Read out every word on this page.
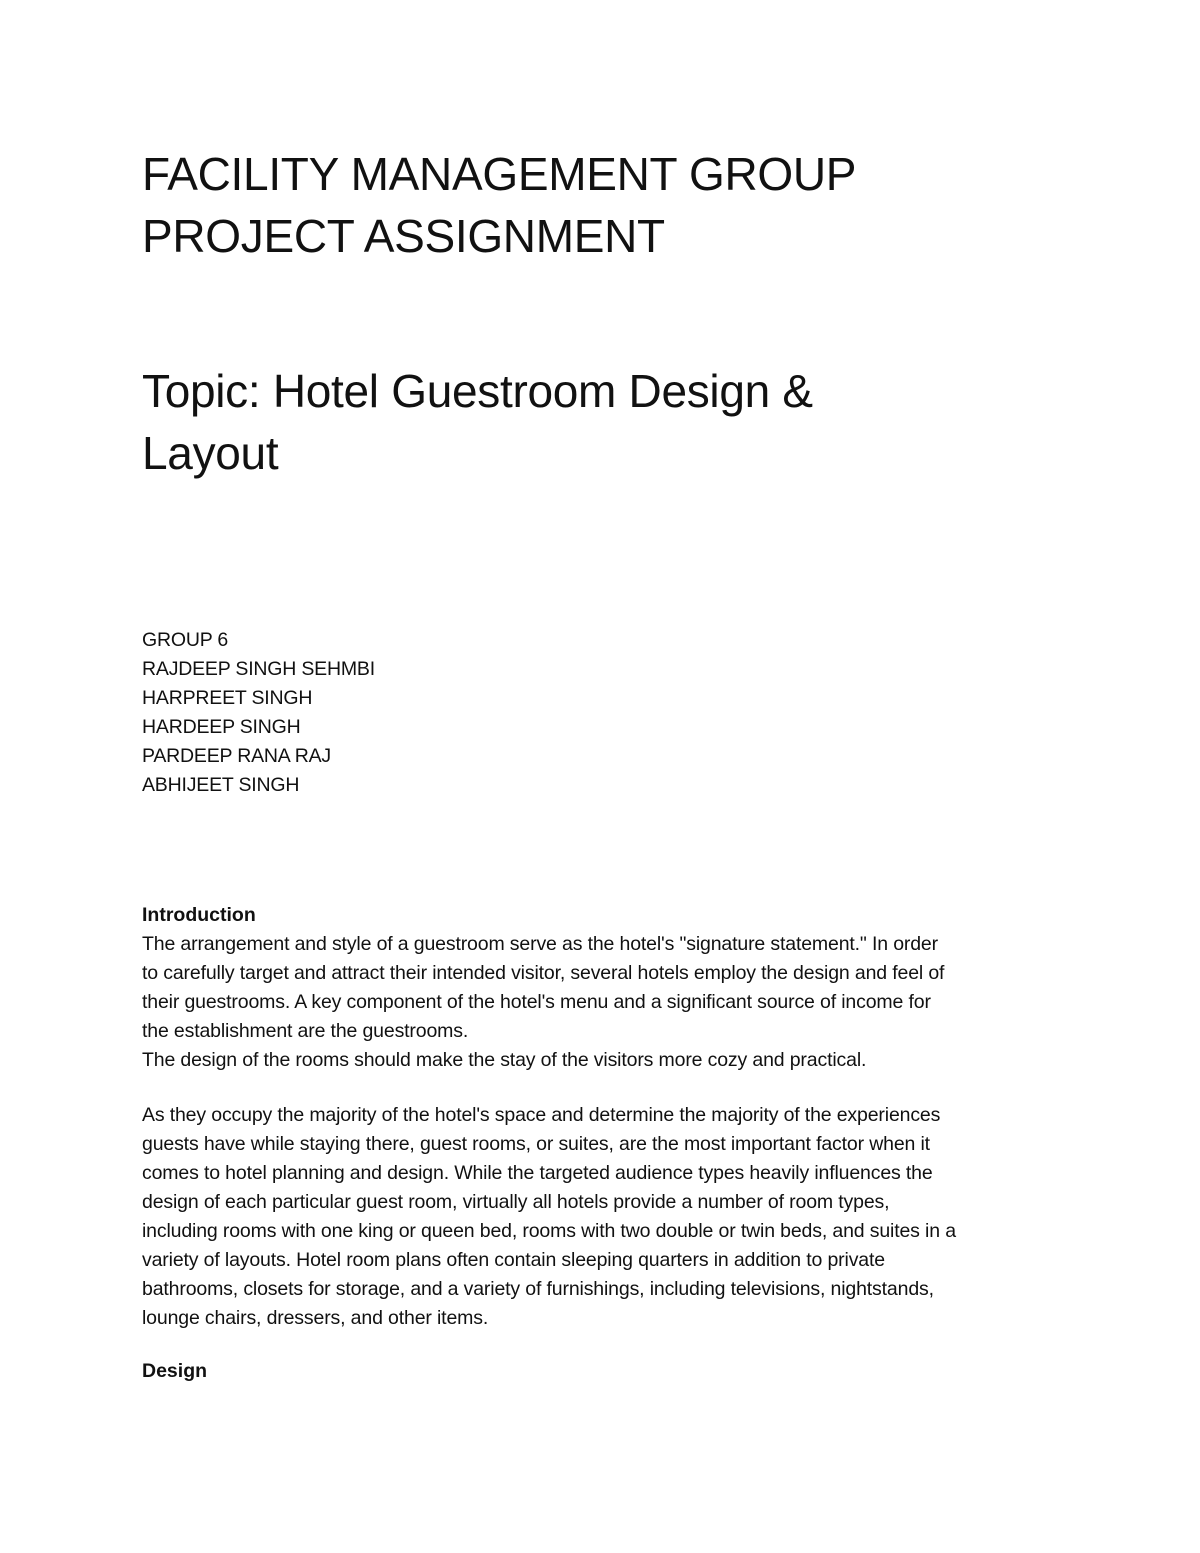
FACILITY MANAGEMENT GROUP
PROJECT ASSIGNMENT
Topic: Hotel Guestroom Design &
Layout
GROUP 6
RAJDEEP SINGH SEHMBI
HARPREET SINGH
HARDEEP SINGH
PARDEEP RANA RAJ
ABHIJEET SINGH
Introduction
The arrangement and style of a guestroom serve as the hotel's "signature statement." In order
to carefully target and attract their intended visitor, several hotels employ the design and feel of
their guestrooms. A key component of the hotel's menu and a significant source of income for
the establishment are the guestrooms.
The design of the rooms should make the stay of the visitors more cozy and practical.
As they occupy the majority of the hotel's space and determine the majority of the experiences
guests have while staying there, guest rooms, or suites, are the most important factor when it
comes to hotel planning and design. While the targeted audience types heavily influences the
design of each particular guest room, virtually all hotels provide a number of room types,
including rooms with one king or queen bed, rooms with two double or twin beds, and suites in a
variety of layouts. Hotel room plans often contain sleeping quarters in addition to private
bathrooms, closets for storage, and a variety of furnishings, including televisions, nightstands,
lounge chairs, dressers, and other items.
Design
